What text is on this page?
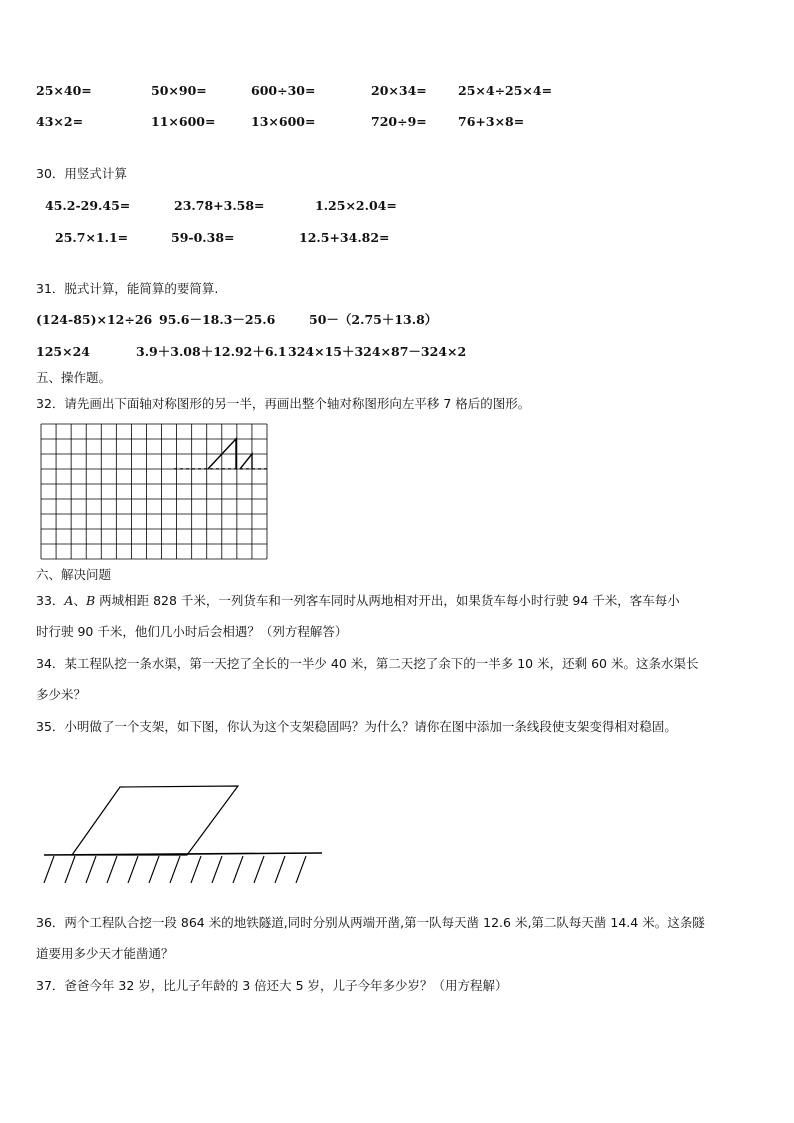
25×40=	50×90=	600÷30=	20×34=	25×4÷25×4=
43×2=	11×600=	13×600=	720÷9=	76+3×8=
30．用竖式计算
45.2-29.45=	23.78+3.58=	1.25×2.04=
25.7×1.1=	59-0.38=	12.5+34.82=
31．脱式计算，能简算的要简算.
(124-85)×12÷26 95.6－18.3－25.6	50－（2.75＋13.8）
125×24	3.9＋3.08＋12.92＋6.1 324×15＋324×87－324×2
五、操作题。
32．请先画出下面轴对称图形的另一半，再画出整个轴对称图形向左平移 7 格后的图形。
六、解决问题
33．A、B 两城相距 828 千米，一列货车和一列客车同时从两地相对开出，如果货车每小时行驶 94 千米，客车每小
时行驶 90 千米，他们几小时后会相遇？（列方程解答）
34．某工程队挖一条水渠，第一天挖了全长的一半少 40 米，第二天挖了余下的一半多 10 米，还剩 60 米。这条水渠长
多少米？
35．小明做了一个支架，如下图，你认为这个支架稳固吗？为什么？请你在图中添加一条线段使支架变得相对稳固。
36．两个工程队合挖一段 864 米的地铁隧道,同时分别从两端开凿,第一队每天凿 12.6 米,第二队每天凿 14.4 米。这条隧
道要用多少天才能凿通？
37．爸爸今年 32 岁，比儿子年龄的 3 倍还大 5 岁，儿子今年多少岁？（用方程解）
